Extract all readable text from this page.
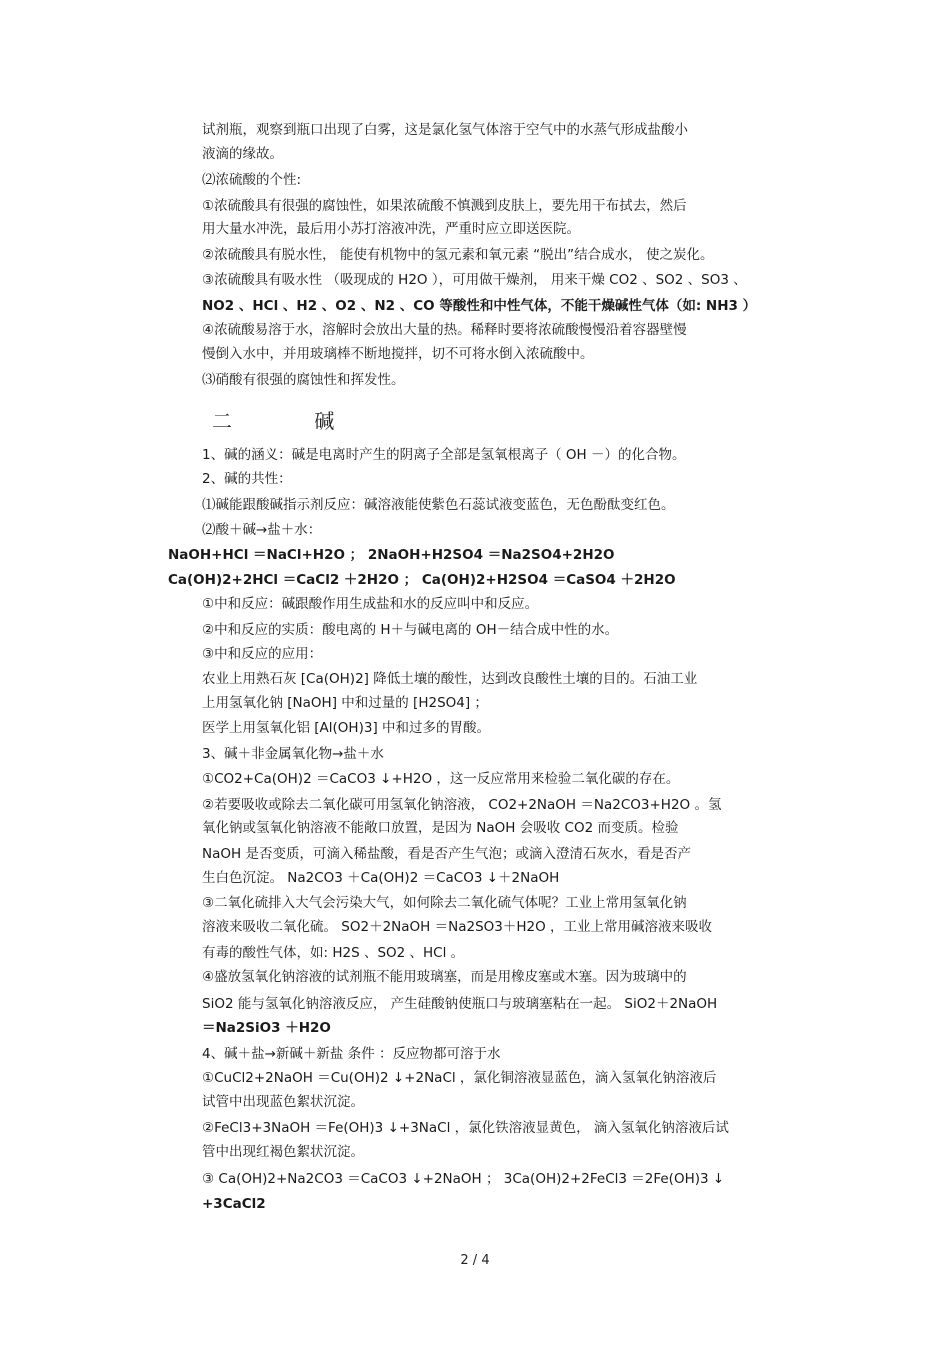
试剂瓶，观察到瓶口出现了白雾，这是氯化氢气体溶于空气中的水蒸气形成盐酸小
液滴的缘故。
⑵浓硫酸的个性:
①浓硫酸具有很强的腐蚀性，如果浓硫酸不慎溅到皮肤上，要先用干布拭去，然后
用大量水冲洗，最后用小苏打溶液冲洗，严重时应立即送医院。
②浓硫酸具有脱水性， 能使有机物中的氢元素和氧元素 “脱出”结合成水， 使之炭化。
③浓硫酸具有吸水性 （吸现成的 H2O ），可用做干燥剂， 用来干燥 CO2 、SO2 、SO3 、
NO2 、HCl 、H2 、O2 、N2 、CO 等酸性和中性气体，不能干燥碱性气体（如: NH3 ）
④浓硫酸易溶于水，溶解时会放出大量的热。稀释时要将浓硫酸慢慢沿着容器壁慢
慢倒入水中，并用玻璃棒不断地搅拌，切不可将水倒入浓硫酸中。
⑶硝酸有很强的腐蚀性和挥发性。
二 碱
1、碱的涵义：碱是电离时产生的阴离子全部是氢氧根离子（ OH －）的化合物。
2、碱的共性：
⑴碱能跟酸碱指示剂反应：碱溶液能使紫色石蕊试液变蓝色，无色酚酞变红色。
⑵酸＋碱→盐＋水：
NaOH+HCl ＝NaCl+H2O ； 2NaOH+H2SO4 ＝Na2SO4+2H2O
Ca(OH)2+2HCl ＝CaCl2 ＋2H2O ； Ca(OH)2+H2SO4 ＝CaSO4 ＋2H2O
①中和反应：碱跟酸作用生成盐和水的反应叫中和反应。
②中和反应的实质：酸电离的 H＋与碱电离的 OH－结合成中性的水。
③中和反应的应用：
农业上用熟石灰 [Ca(OH)2] 降低土壤的酸性，达到改良酸性土壤的目的。石油工业
上用氢氧化钠 [NaOH] 中和过量的 [H2SO4] ；
医学上用氢氧化铝 [Al(OH)3] 中和过多的胃酸。
3、碱＋非金属氧化物→盐＋水
①CO2+Ca(OH)2 ＝CaCO3 ↓+H2O ，这一反应常用来检验二氧化碳的存在。
②若要吸收或除去二氧化碳可用氢氧化钠溶液， CO2+2NaOH ＝Na2CO3+H2O 。氢
氧化钠或氢氧化钠溶液不能敞口放置，是因为 NaOH 会吸收 CO2 而变质。检验
NaOH 是否变质，可滴入稀盐酸，看是否产生气泡；或滴入澄清石灰水，看是否产
生白色沉淀。 Na2CO3 ＋Ca(OH)2 ＝CaCO3 ↓＋2NaOH
③二氧化硫排入大气会污染大气，如何除去二氧化硫气体呢？工业上常用氢氧化钠
溶液来吸收二氧化硫。 SO2＋2NaOH ＝Na2SO3＋H2O ，工业上常用碱溶液来吸收
有毒的酸性气体，如: H2S 、SO2 、HCl 。
④盛放氢氧化钠溶液的试剂瓶不能用玻璃塞，而是用橡皮塞或木塞。因为玻璃中的
SiO2 能与氢氧化钠溶液反应， 产生硅酸钠使瓶口与玻璃塞粘在一起。 SiO2＋2NaOH
＝Na2SiO3 ＋H2O
4、碱＋盐→新碱＋新盐 条件 ：反应物都可溶于水
①CuCl2+2NaOH ＝Cu(OH)2 ↓+2NaCl ，氯化铜溶液显蓝色，滴入氢氧化钠溶液后
试管中出现蓝色絮状沉淀。
②FeCl3+3NaOH ＝Fe(OH)3 ↓+3NaCl ，氯化铁溶液显黄色， 滴入氢氧化钠溶液后试
管中出现红褐色絮状沉淀。
③ Ca(OH)2+Na2CO3 ＝CaCO3 ↓+2NaOH ； 3Ca(OH)2+2FeCl3 ＝2Fe(OH)3 ↓
+3CaCl2
2 / 4
